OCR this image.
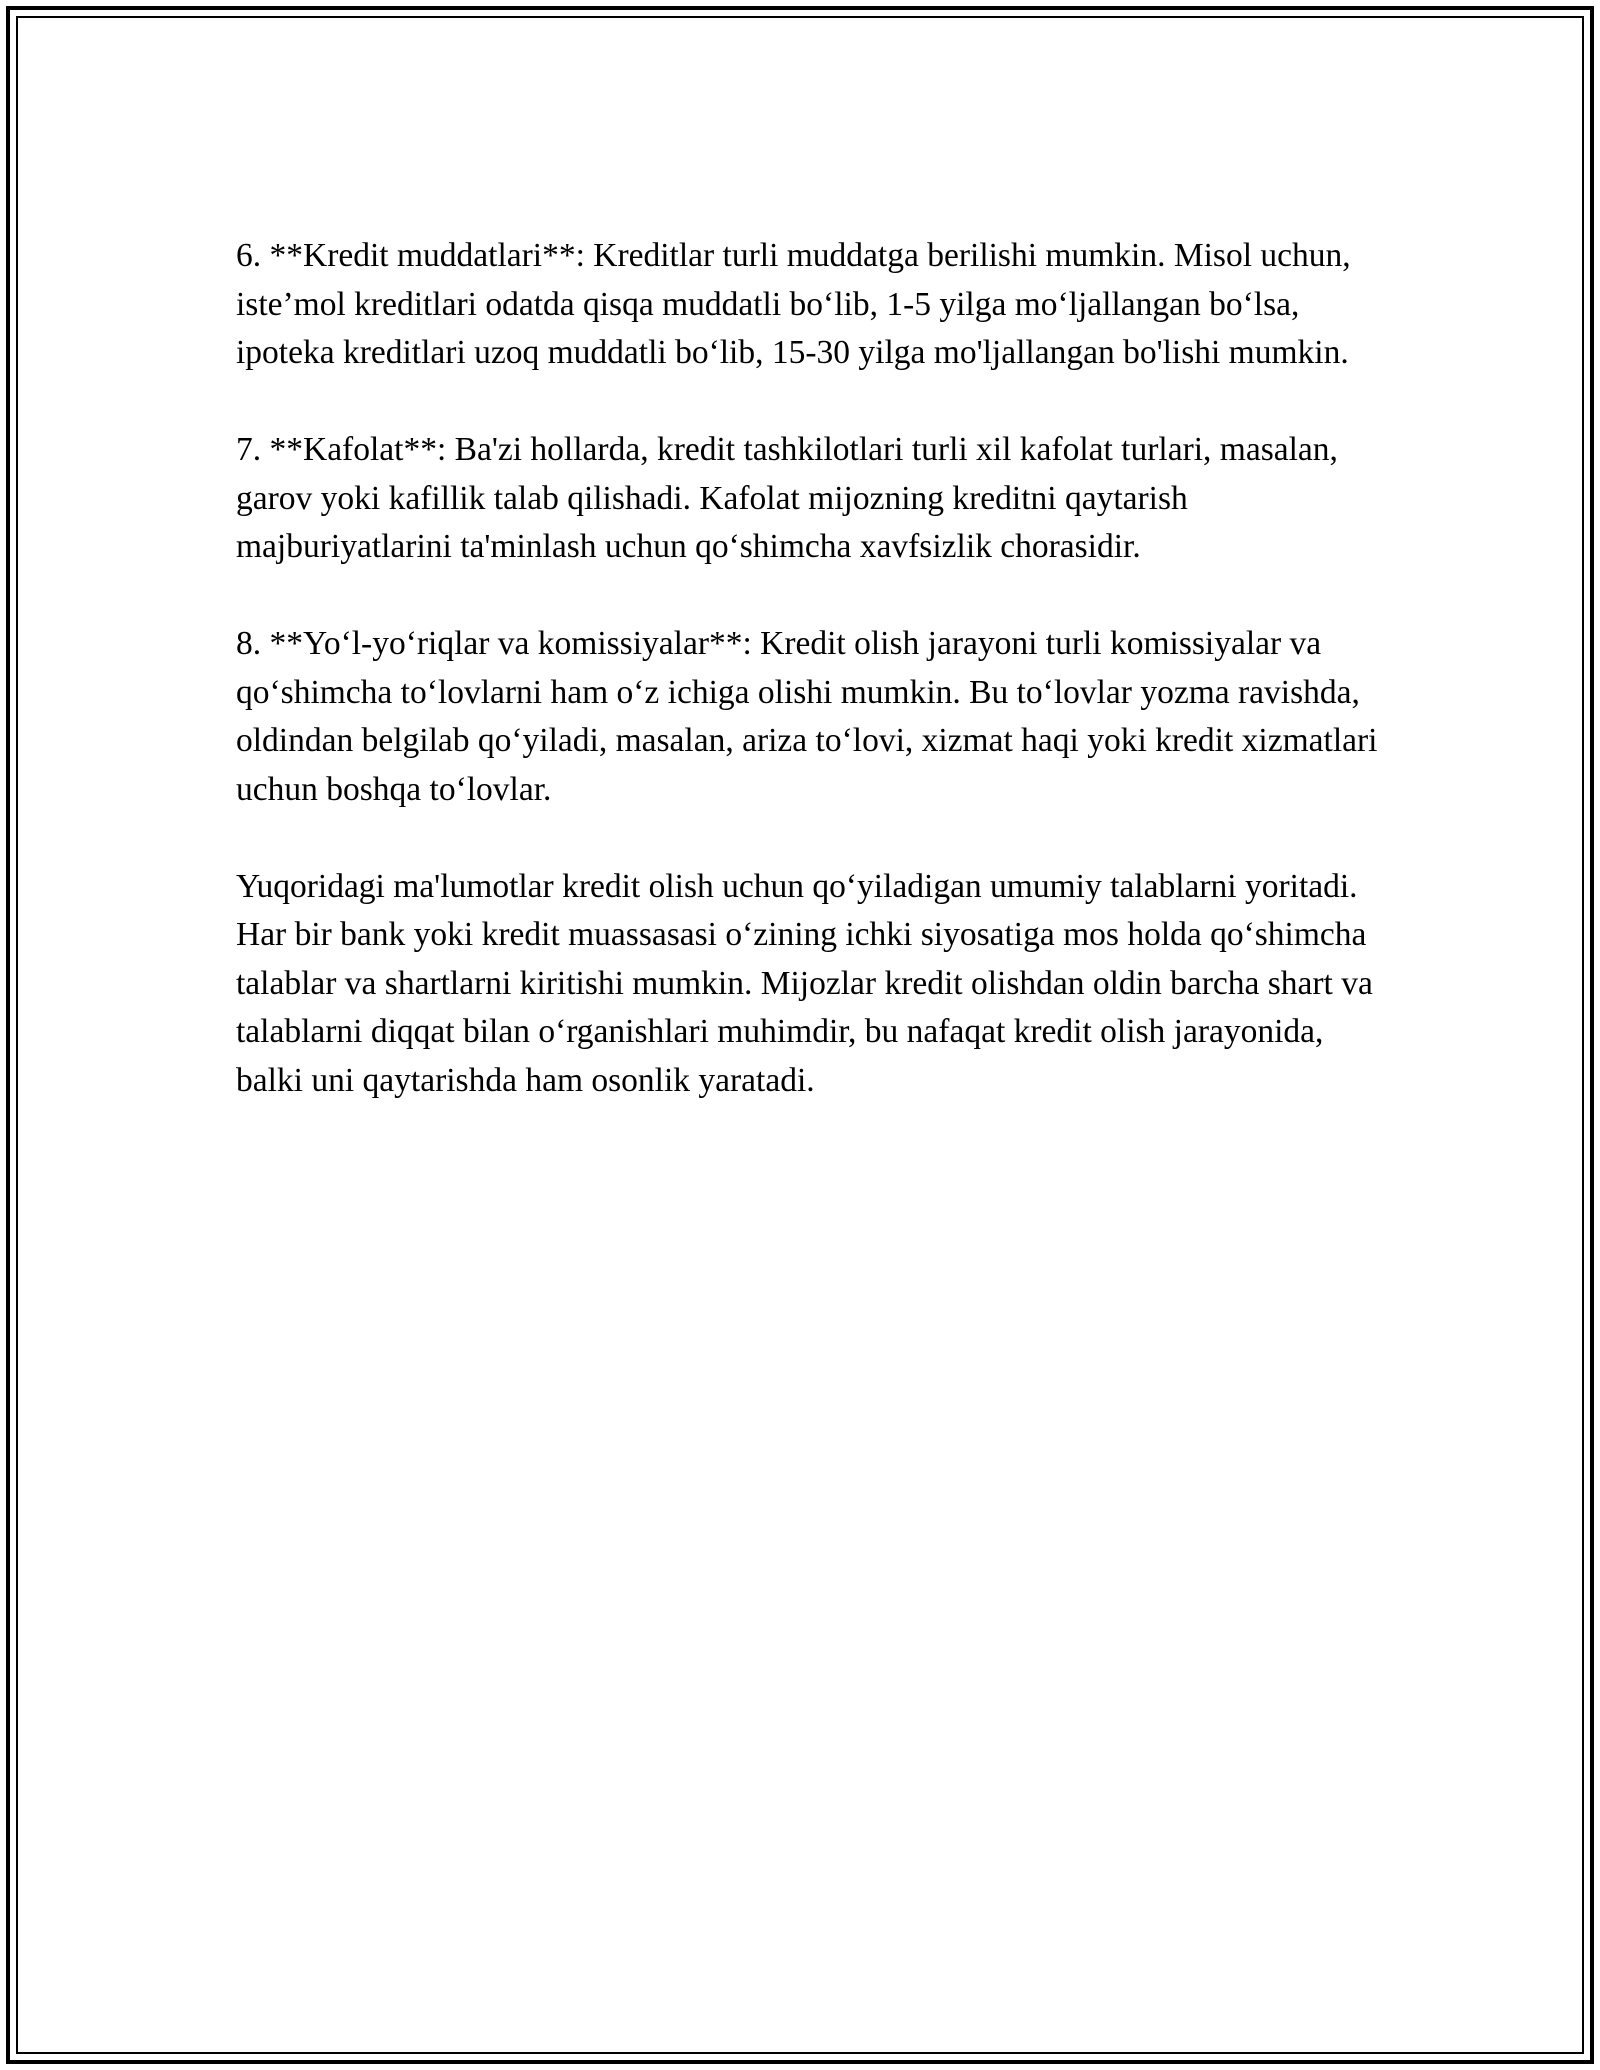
6. **Kredit muddatlari**: Kreditlar turli muddatga berilishi mumkin. Misol uchun, iste’mol kreditlari odatda qisqa muddatli bo‘lib, 1-5 yilga mo‘ljallangan bo‘lsa, ipoteka kreditlari uzoq muddatli bo‘lib, 15-30 yilga mo'ljallangan bo'lishi mumkin.

7. **Kafolat**: Ba'zi hollarda, kredit tashkilotlari turli xil kafolat turlari, masalan, garov yoki kafillik talab qilishadi. Kafolat mijozning kreditni qaytarish majburiyatlarini ta'minlash uchun qo‘shimcha xavfsizlik chorasidir.

8. **Yo‘l-yo‘riqlar va komissiyalar**: Kredit olish jarayoni turli komissiyalar va qo‘shimcha to‘lovlarni ham o‘z ichiga olishi mumkin. Bu to‘lovlar yozma ravishda, oldindan belgilab qo‘yiladi, masalan, ariza to‘lovi, xizmat haqi yoki kredit xizmatlari uchun boshqa to‘lovlar.

Yuqoridagi ma'lumotlar kredit olish uchun qo‘yiladigan umumiy talablarni yoritadi. Har bir bank yoki kredit muassasasi o‘zining ichki siyosatiga mos holda qo‘shimcha talablar va shartlarni kiritishi mumkin. Mijozlar kredit olishdan oldin barcha shart va talablarni diqqat bilan o‘rganishlari muhimdir, bu nafaqat kredit olish jarayonida, balki uni qaytarishda ham osonlik yaratadi.
